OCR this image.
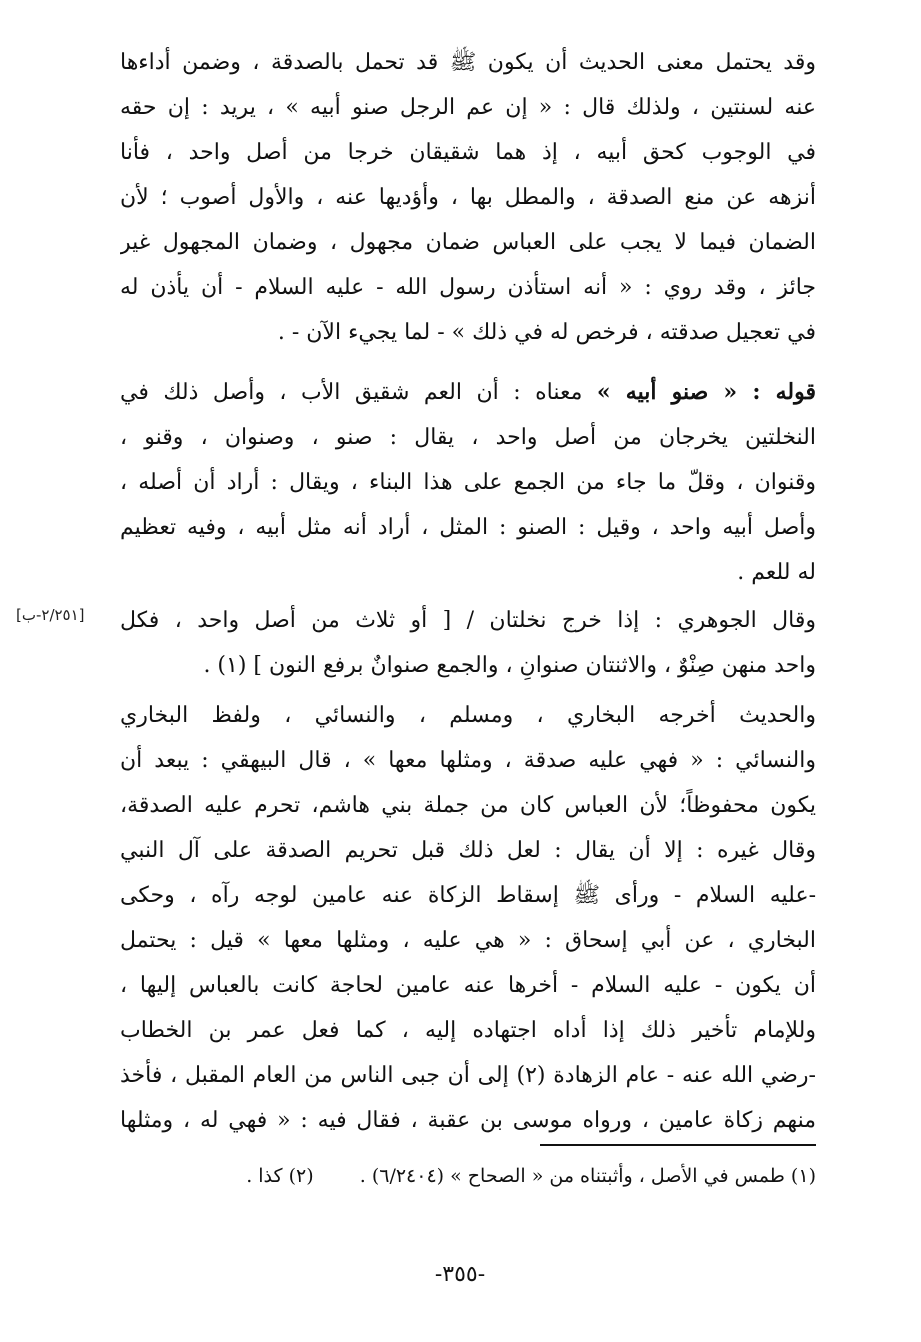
وقد يحتمل معنى الحديث أن يكون ﷺ قد تحمل بالصدقة ، وضمن أداءها
عنه لسنتين ، ولذلك قال : « إن عم الرجل صنو أبيه » ، يريد : إن حقه
في الوجوب كحق أبيه ، إذ هما شقيقان خرجا من أصل واحد ، فأنا
أنزهه عن منع الصدقة ، والمطل بها ، وأؤديها عنه ، والأول أصوب ؛ لأن
الضمان فيما لا يجب على العباس ضمان مجهول ، وضمان المجهول غير
جائز ، وقد روي : « أنه استأذن رسول الله - عليه السلام - أن يأذن له
في تعجيل صدقته ، فرخص له في ذلك » - لما يجيء الآن - .
قوله : « صنو أبيه » معناه : أن العم شقيق الأب ، وأصل ذلك في
النخلتين يخرجان من أصل واحد ، يقال : صنو ، وصنوان ، وقنو ،
وقنوان ، وقلّ ما جاء من الجمع على هذا البناء ، ويقال : أراد أن أصله ،
وأصل أبيه واحد ، وقيل : الصنو : المثل ، أراد أنه مثل أبيه ، وفيه تعظيم
له للعم .
[٢/٢٥١-ب]	وقال الجوهري : إذا خرج نخلتان / [ أو ثلاث من أصل واحد ، فكل
واحد منهن صِنْوٌ ، والاثنتان صنوانِ ، والجمع صنوانٌ برفع النون ] (١) .
والحديث أخرجه البخاري ، ومسلم ، والنسائي ، ولفظ البخاري
والنسائي : « فهي عليه صدقة ، ومثلها معها » ، قال البيهقي : يبعد أن
يكون محفوظاً؛ لأن العباس كان من جملة بني هاشم، تحرم عليه الصدقة،
وقال غيره : إلا أن يقال : لعل ذلك قبل تحريم الصدقة على آل النبي
-عليه السلام - ورأى ﷺ إسقاط الزكاة عنه عامين لوجه رآه ، وحكى
البخاري ، عن أبي إسحاق : « هي عليه ، ومثلها معها » قيل : يحتمل
أن يكون - عليه السلام - أخرها عنه عامين لحاجة كانت بالعباس إليها ،
وللإمام تأخير ذلك إذا أداه اجتهاده إليه ، كما فعل عمر بن الخطاب
-رضي الله عنه - عام الزهادة (٢) إلى أن جبى الناس من العام المقبل ، فأخذ
منهم زكاة عامين ، ورواه موسى بن عقبة ، فقال فيه : « فهي له ، ومثلها
(١) طمس في الأصل ، وأثبتناه من « الصحاح » (٦/٢٤٠٤) . (٢) كذا .
-٣٥٥-
